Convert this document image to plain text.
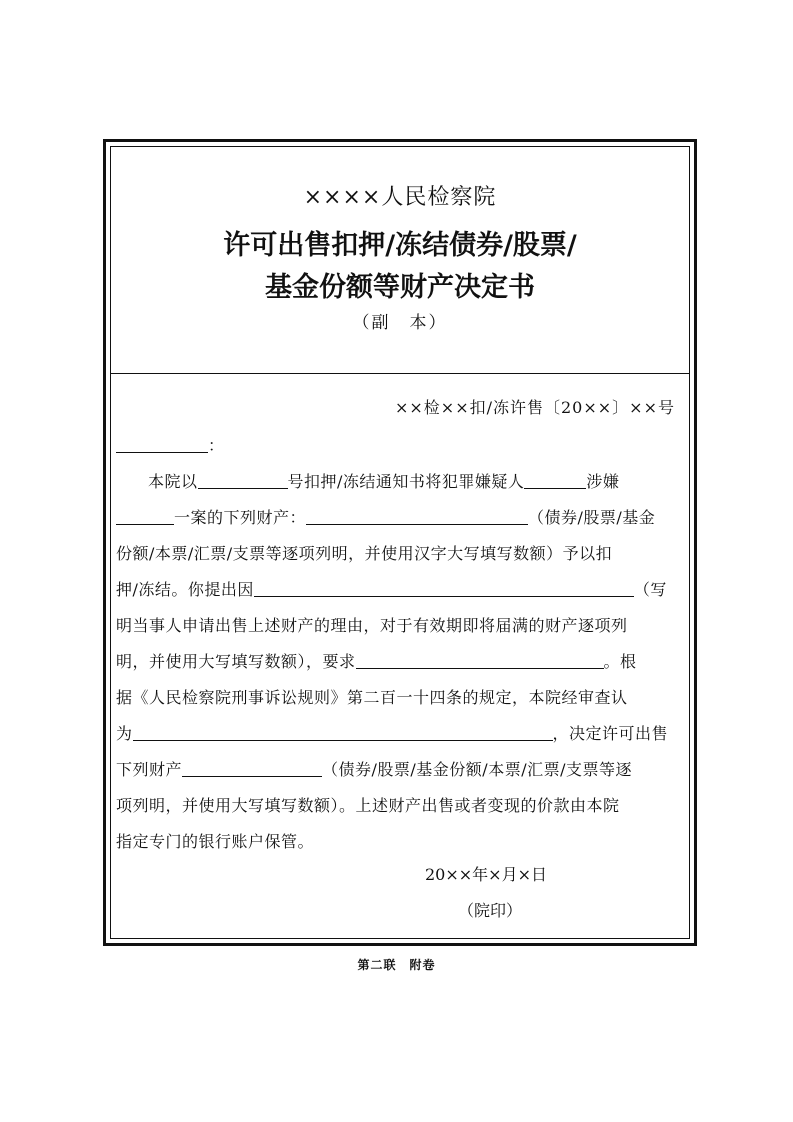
××××人民检察院
许可出售扣押/冻结债券/股票/
基金份额等财产决定书
（副　本）
××检××扣/冻许售〔20××〕××号
：
本院以	号扣押/冻结通知书将犯罪嫌疑人	涉嫌
一案的下列财产：	（债券/股票/基金
份额/本票/汇票/支票等逐项列明，并使用汉字大写填写数额）予以扣
押/冻结。你提出因	（写
明当事人申请出售上述财产的理由，对于有效期即将届满的财产逐项列
明，并使用大写填写数额），要求	。根
据《人民检察院刑事诉讼规则》第二百一十四条的规定，本院经审查认
为	，决定许可出售
下列财产	（债券/股票/基金份额/本票/汇票/支票等逐
项列明，并使用大写填写数额）。上述财产出售或者变现的价款由本院
指定专门的银行账户保管。
20××年×月×日
（院印）
第二联　附卷
